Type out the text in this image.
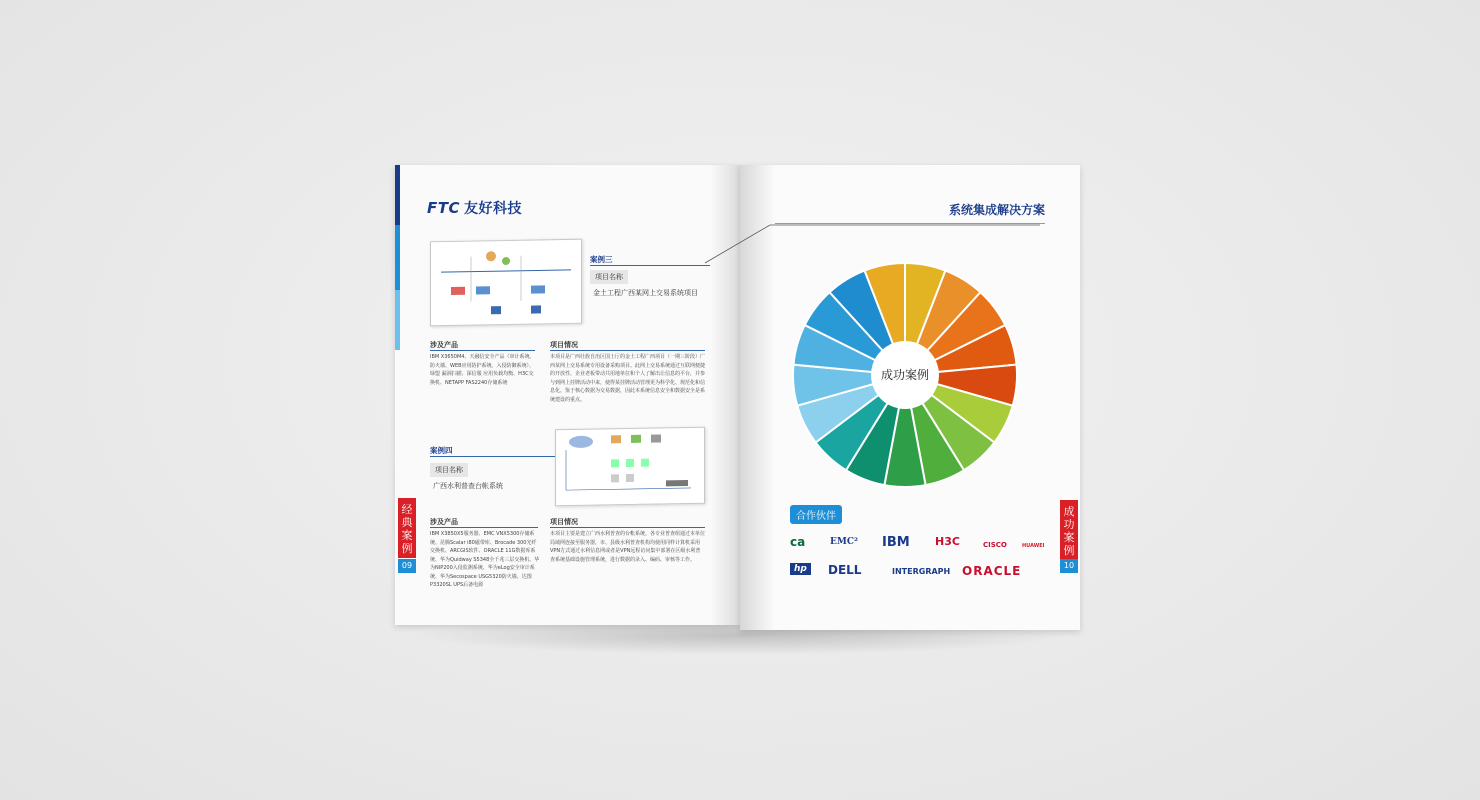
FTC 友好科技
案例三
项目名称
金土工程广西某网上交易系统项目
涉及产品
IBM X3650M4、天融信安全产品（审计系统、防火墙、WEB应用防护系统、入侵防御系统）、绿盟 漏洞扫描、深信服 应用负载均衡、H3C交换机、NETAPP FAS2240存储系统
项目情况
本项目是广西壮族自治区国土厅的金土工程广西项目（一期三阶段）广西某网上交易系统专用设备采购项目。此网上交易系统通过互联网便捷的开放性、企业老板带动共用地单位和个人了解出让信息的平台，并参与到网上挂牌活动中来，使得某挂牌活动管理更为科学化、规范化和信息化。鉴于核心数据为交易数据，因此本系统信息安全和数据安全是系统建设的重点。
案例四
项目名称
广西水利普查台帐系统
涉及产品
IBM X3850X5服务器、EMC VNX5300存储系统、昆腾Scalar i80磁带库、Brocade 300光纤交换机、ARCGIS软件、ORACLE 11G数据库系统、华为Quidway S5348全千兆三层交换机、华为NIP200入侵监测系统、华为eLog安全审计系统、华为Secospace USG5320防火墙、达图P3320SL UPS后备电源
项目情况
本项目主要是建立广西水利普查的台帐系统。各专业普查组通过本单位局域网连接至服务器，市、县级水利普查机构均使用同样计算机采用VPN方式通过水利信息网或者是VPN远程访问集中部署在区级水利普查系统基础设施管理系统，进行数据的录入、编码、审核等工作。
经典案例
09
系统集成解决方案
成功案例
合作伙伴
ca	EMC² IBM H3C	CISCO	HUAWEI
hp	DELL	INTERGRAPH ORACLE
成功案例
10
